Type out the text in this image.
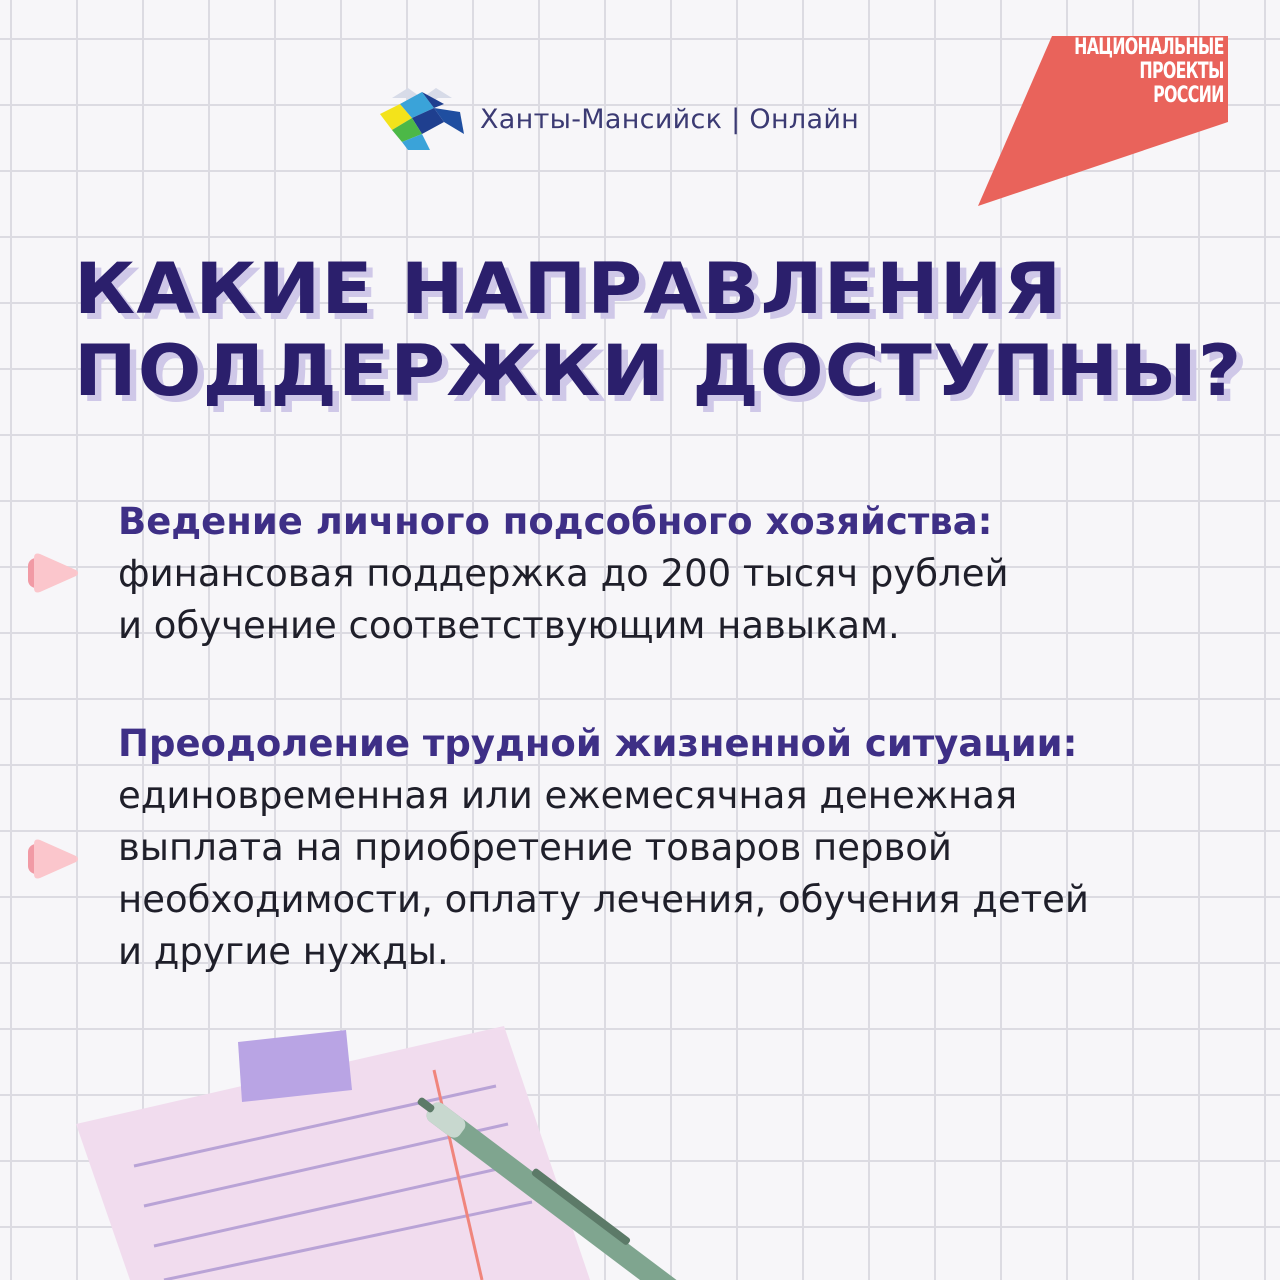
Ханты-Мансийск | Онлайн
НАЦИОНАЛЬНЫЕ
ПРОЕКТЫ
РОССИИ
КАКИЕ НАПРАВЛЕНИЯ
ПОДДЕРЖКИ ДОСТУПНЫ?
Ведение личного подсобного хозяйства:
финансовая поддержка до 200 тысяч рублей
и обучение соответствующим навыкам.
Преодоление трудной жизненной ситуации:
единовременная или ежемесячная денежная
выплата на приобретение товаров первой
необходимости, оплату лечения, обучения детей
и другие нужды.
